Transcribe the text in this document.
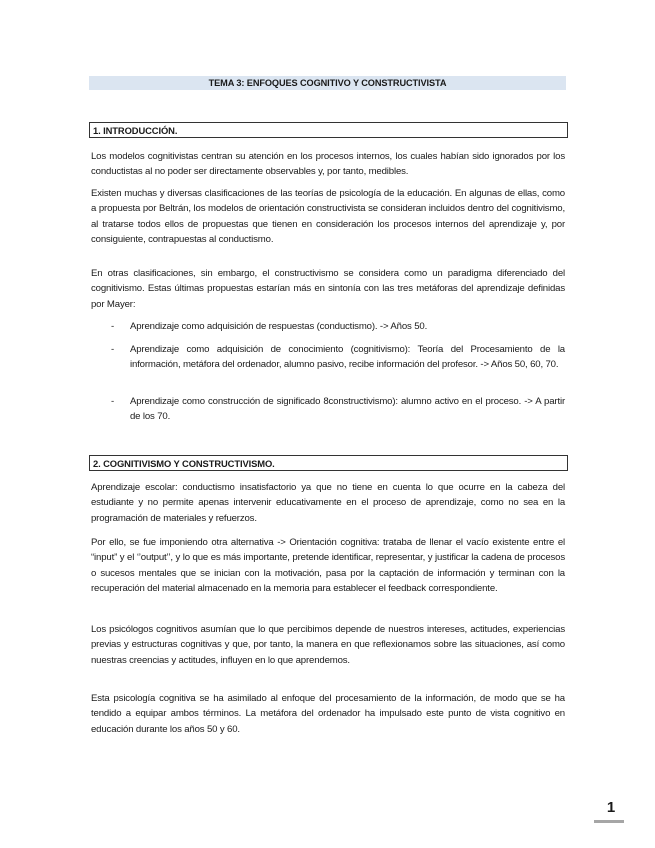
TEMA 3: ENFOQUES COGNITIVO Y CONSTRUCTIVISTA
1. INTRODUCCIÓN.

Los modelos cognitivistas centran su atención en los procesos internos, los cuales habían sido ignorados por los conductistas al no poder ser directamente observables y, por tanto, medibles.

Existen muchas y diversas clasificaciones de las teorías de psicología de la educación. En algunas de ellas, como a propuesta por Beltrán, los modelos de orientación constructivista se consideran incluidos dentro del cognitivismo, al tratarse todos ellos de propuestas que tienen en consideración los procesos internos del aprendizaje y, por consiguiente, contrapuestas al conductismo.

En otras clasificaciones, sin embargo, el constructivismo se considera como un paradigma diferenciado del cognitivismo. Estas últimas propuestas estarían más en sintonía con las tres metáforas del aprendizaje definidas por Mayer:

- Aprendizaje como adquisición de respuestas (conductismo). -> Años 50.
- Aprendizaje como adquisición de conocimiento (cognitivismo): Teoría del Procesamiento de la información, metáfora del ordenador, alumno pasivo, recibe información del profesor. -> Años 50, 60, 70.
- Aprendizaje como construcción de significado 8constructivismo): alumno activo en el proceso. -> A partir de los 70.
2. COGNITIVISMO Y CONSTRUCTIVISMO.

Aprendizaje escolar: conductismo insatisfactorio ya que no tiene en cuenta lo que ocurre en la cabeza del estudiante y no permite apenas intervenir educativamente en el proceso de aprendizaje, como no sea en la programación de materiales y refuerzos.

Por ello, se fue imponiendo otra alternativa -> Orientación cognitiva: trataba de llenar el vacío existente entre el “input” y el ‘’output’’, y lo que es más importante, pretende identificar, representar, y justificar la cadena de procesos o sucesos mentales que se inician con la motivación, pasa por la captación de información y terminan con la recuperación del material almacenado en la memoria para establecer el feedback correspondiente.

Los psicólogos cognitivos asumían que lo que percibimos depende de nuestros intereses, actitudes, experiencias previas y estructuras cognitivas y que, por tanto, la manera en que reflexionamos sobre las situaciones, así como nuestras creencias y actitudes, influyen en lo que aprendemos.

Esta psicología cognitiva se ha asimilado al enfoque del procesamiento de la información, de modo que se ha tendido a equipar ambos términos. La metáfora del ordenador ha impulsado este punto de vista cognitivo en educación durante los años 50 y 60.

1
